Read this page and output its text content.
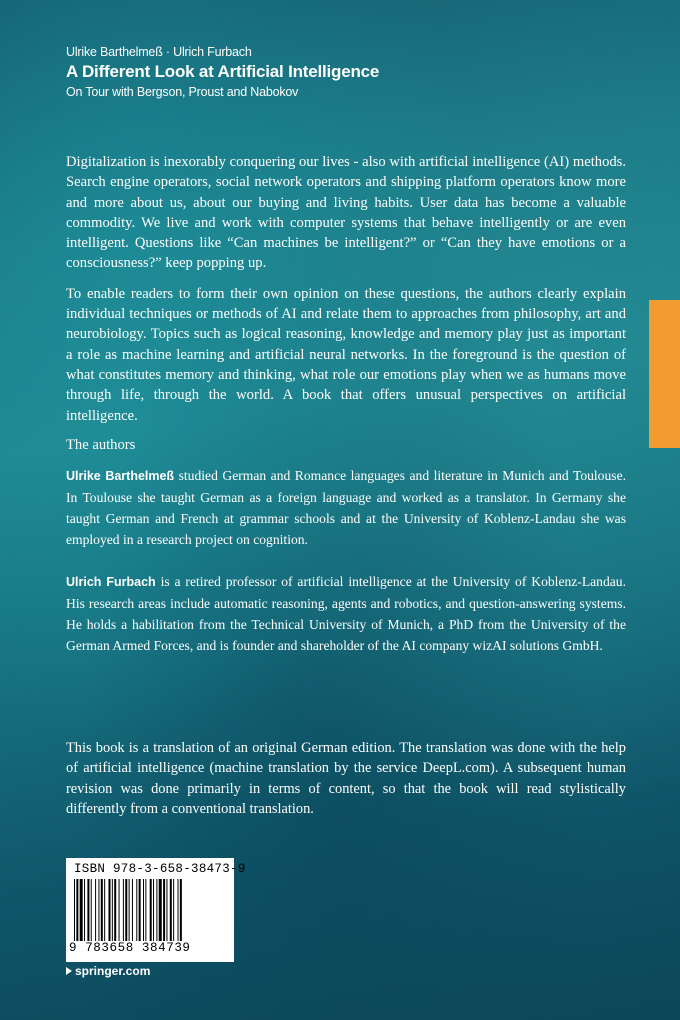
Ulrike Barthelmeß · Ulrich Furbach
A Different Look at Artificial Intelligence
On Tour with Bergson, Proust and Nabokov

Digitalization is inexorably conquering our lives - also with artificial intelligence (AI) methods. Search engine operators, social network operators and shipping platform operators know more and more about us, about our buying and living habits. User data has become a valuable commodity. We live and work with computer systems that behave intelligently or are even intelligent. Questions like “Can machines be intelligent?” or “Can they have emotions or a consciousness?” keep popping up.

To enable readers to form their own opinion on these questions, the authors clearly explain individual techniques or methods of AI and relate them to approaches from philosophy, art and neurobiology. Topics such as logical reasoning, knowledge and memory play just as important a role as machine learning and artificial neural networks. In the foreground is the question of what constitutes memory and thinking, what role our emotions play when we as humans move through life, through the world. A book that offers unusual perspectives on artificial intelligence.

The authors

Ulrike Barthelmeß studied German and Romance languages and literature in Munich and Toulouse. In Toulouse she taught German as a foreign language and worked as a translator. In Germany she taught German and French at grammar schools and at the University of Koblenz-Landau she was employed in a research project on cognition.

Ulrich Furbach is a retired professor of artificial intelligence at the University of Koblenz-Landau. His research areas include automatic reasoning, agents and robotics, and question-answering systems. He holds a habilitation from the Technical University of Munich, a PhD from the University of the German Armed Forces, and is founder and shareholder of the AI company wizAI solutions GmbH.

This book is a translation of an original German edition. The translation was done with the help of artificial intelligence (machine translation by the service DeepL.com). A subsequent human revision was done primarily in terms of content, so that the book will read stylistically differently from a conventional translation.

ISBN 978-3-658-38473-9
9 783658 384739
springer.com
